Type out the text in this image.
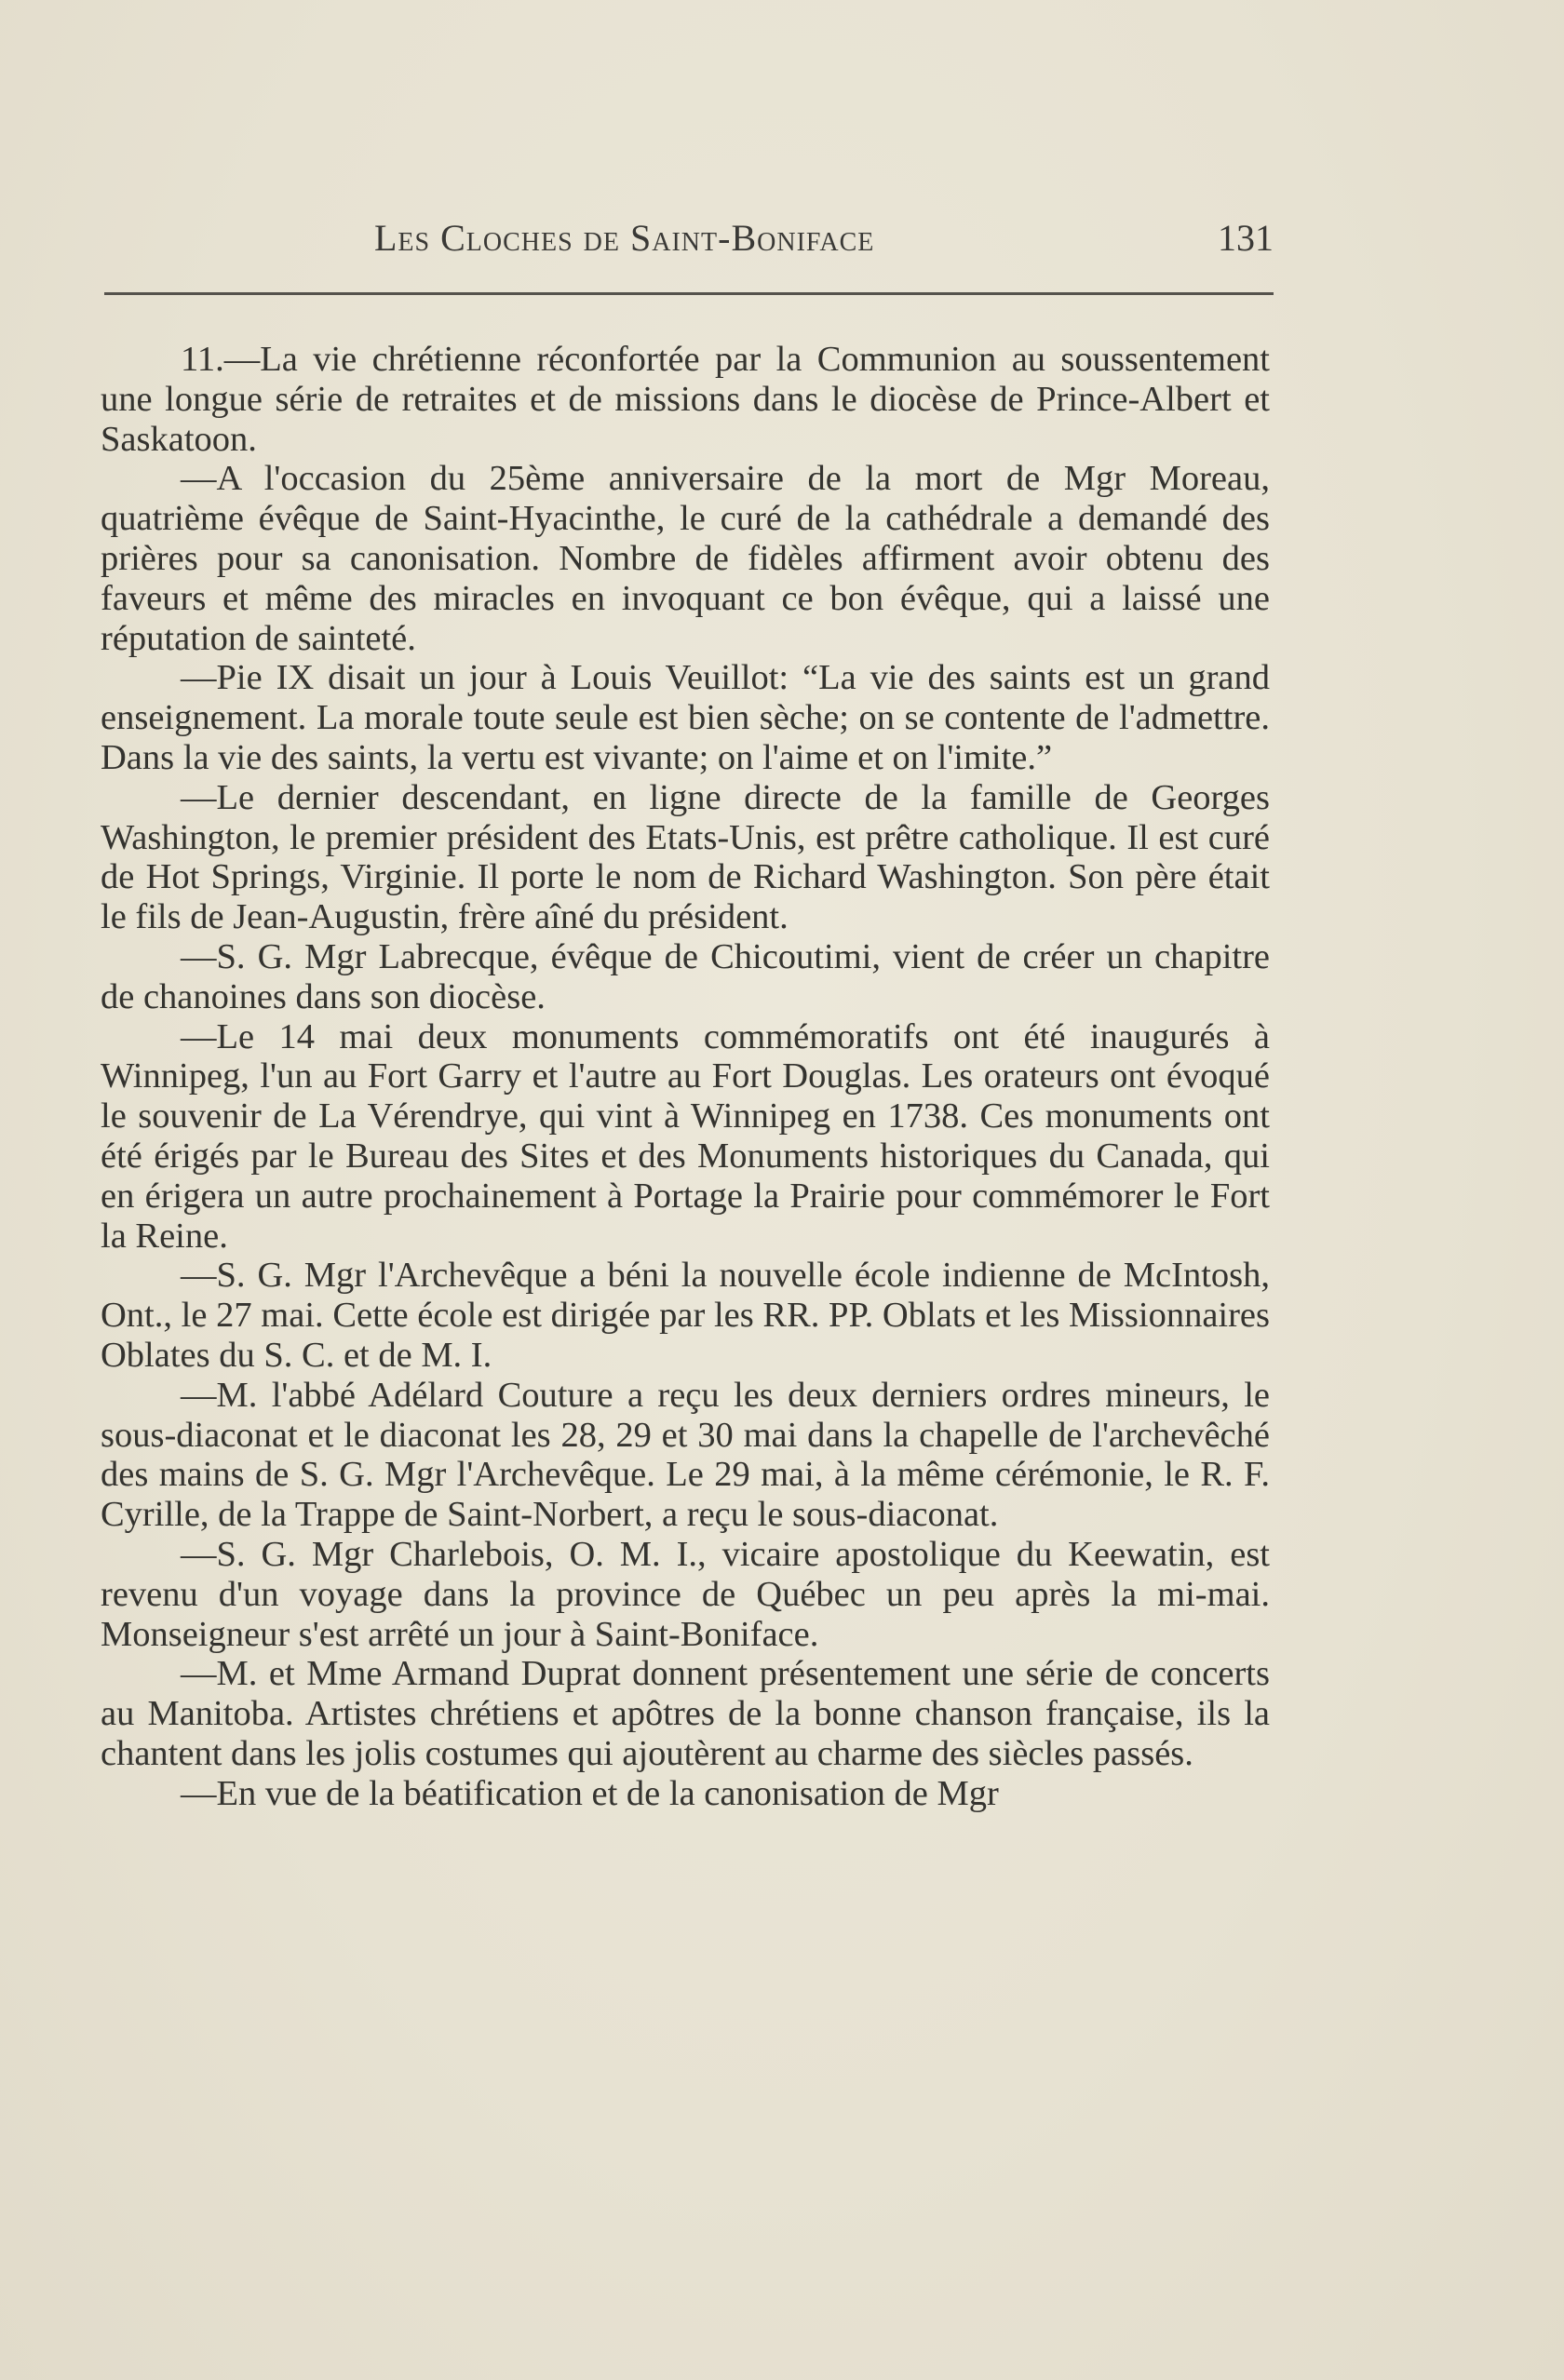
Les Cloches de Saint-Boniface	131

11.—La vie chrétienne réconfortée par la Communion au soussentement une longue série de retraites et de missions dans le diocèse de Prince-Albert et Saskatoon.

—A l'occasion du 25ème anniversaire de la mort de Mgr Moreau, quatrième évêque de Saint-Hyacinthe, le curé de la cathédrale a demandé des prières pour sa canonisation. Nombre de fidèles affirment avoir obtenu des faveurs et même des miracles en invoquant ce bon évêque, qui a laissé une réputation de sainteté.

—Pie IX disait un jour à Louis Veuillot: “La vie des saints est un grand enseignement. La morale toute seule est bien sèche; on se contente de l'admettre. Dans la vie des saints, la vertu est vivante; on l'aime et on l'imite.”

—Le dernier descendant, en ligne directe de la famille de Georges Washington, le premier président des Etats-Unis, est prêtre catholique. Il est curé de Hot Springs, Virginie. Il porte le nom de Richard Washington. Son père était le fils de Jean-Augustin, frère aîné du président.

—S. G. Mgr Labrecque, évêque de Chicoutimi, vient de créer un chapitre de chanoines dans son diocèse.

—Le 14 mai deux monuments commémoratifs ont été inaugurés à Winnipeg, l'un au Fort Garry et l'autre au Fort Douglas. Les orateurs ont évoqué le souvenir de La Vérendrye, qui vint à Winnipeg en 1738. Ces monuments ont été érigés par le Bureau des Sites et des Monuments historiques du Canada, qui en érigera un autre prochainement à Portage la Prairie pour commémorer le Fort la Reine.

—S. G. Mgr l'Archevêque a béni la nouvelle école indienne de McIntosh, Ont., le 27 mai. Cette école est dirigée par les RR. PP. Oblats et les Missionnaires Oblates du S. C. et de M. I.

—M. l'abbé Adélard Couture a reçu les deux derniers ordres mineurs, le sous-diaconat et le diaconat les 28, 29 et 30 mai dans la chapelle de l'archevêché des mains de S. G. Mgr l'Archevêque. Le 29 mai, à la même cérémonie, le R. F. Cyrille, de la Trappe de Saint-Norbert, a reçu le sous-diaconat.

—S. G. Mgr Charlebois, O. M. I., vicaire apostolique du Keewatin, est revenu d'un voyage dans la province de Québec un peu après la mi-mai. Monseigneur s'est arrêté un jour à Saint-Boniface.

—M. et Mme Armand Duprat donnent présentement une série de concerts au Manitoba. Artistes chrétiens et apôtres de la bonne chanson française, ils la chantent dans les jolis costumes qui ajoutèrent au charme des siècles passés.

—En vue de la béatification et de la canonisation de Mgr
